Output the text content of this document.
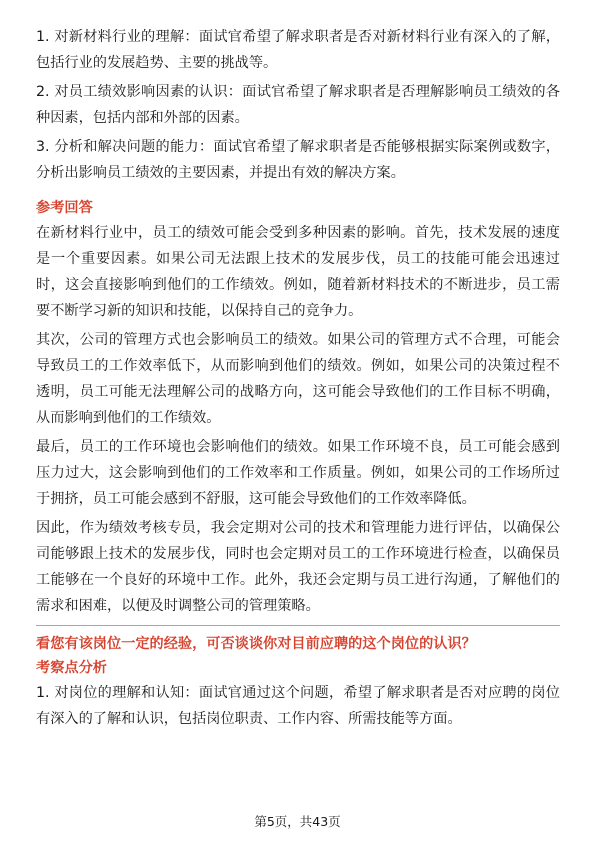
1. 对新材料行业的理解：面试官希望了解求职者是否对新材料行业有深入的了解，包括行业的发展趋势、主要的挑战等。

2. 对员工绩效影响因素的认识：面试官希望了解求职者是否理解影响员工绩效的各种因素，包括内部和外部的因素。

3. 分析和解决问题的能力：面试官希望了解求职者是否能够根据实际案例或数字，分析出影响员工绩效的主要因素，并提出有效的解决方案。

参考回答

在新材料行业中，员工的绩效可能会受到多种因素的影响。首先，技术发展的速度是一个重要因素。如果公司无法跟上技术的发展步伐，员工的技能可能会迅速过时，这会直接影响到他们的工作绩效。例如，随着新材料技术的不断进步，员工需要不断学习新的知识和技能，以保持自己的竞争力。

其次，公司的管理方式也会影响员工的绩效。如果公司的管理方式不合理，可能会导致员工的工作效率低下，从而影响到他们的绩效。例如，如果公司的决策过程不透明，员工可能无法理解公司的战略方向，这可能会导致他们的工作目标不明确，从而影响到他们的工作绩效。

最后，员工的工作环境也会影响他们的绩效。如果工作环境不良，员工可能会感到压力过大，这会影响到他们的工作效率和工作质量。例如，如果公司的工作场所过于拥挤，员工可能会感到不舒服，这可能会导致他们的工作效率降低。

因此，作为绩效考核专员，我会定期对公司的技术和管理能力进行评估，以确保公司能够跟上技术的发展步伐，同时也会定期对员工的工作环境进行检查，以确保员工能够在一个良好的环境中工作。此外，我还会定期与员工进行沟通，了解他们的需求和困难，以便及时调整公司的管理策略。

看您有该岗位一定的经验，可否谈谈你对目前应聘的这个岗位的认识？

考察点分析

1. 对岗位的理解和认知：面试官通过这个问题，希望了解求职者是否对应聘的岗位有深入的了解和认识，包括岗位职责、工作内容、所需技能等方面。

第5页，共43页
